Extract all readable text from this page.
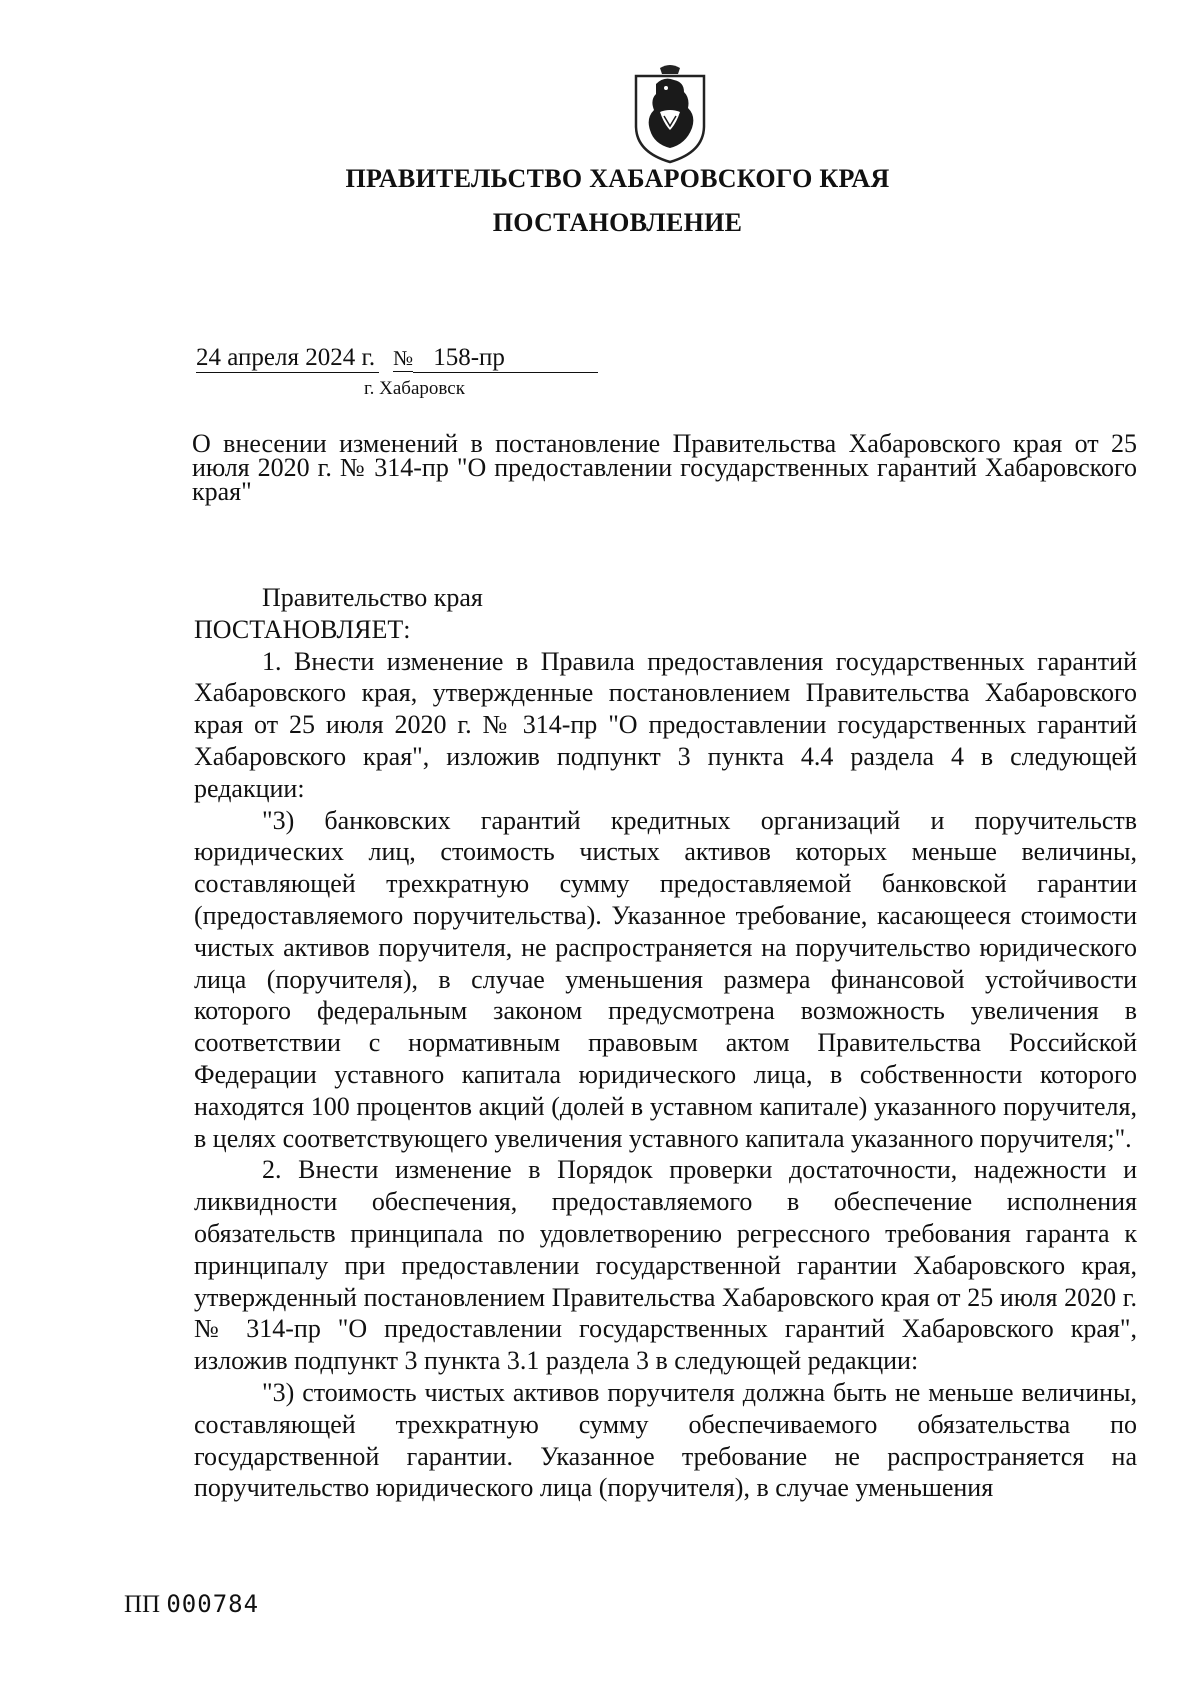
ПРАВИТЕЛЬСТВО ХАБАРОВСКОГО КРАЯ
ПОСТАНОВЛЕНИЕ
24 апреля 2024 г. № 158-пр
г. Хабаровск
О внесении изменений в постановление Правительства Хабаровского края от 25 июля 2020 г. № 314-пр "О предоставлении государственных гарантий Хабаровского края"

Правительство края

ПОСТАНОВЛЯЕТ:

1. Внести изменение в Правила предоставления государственных гарантий Хабаровского края, утвержденные постановлением Правительства Хабаровского края от 25 июля 2020 г. № 314-пр "О предоставлении государственных гарантий Хабаровского края", изложив подпункт 3 пункта 4.4 раздела 4 в следующей редакции:

"3) банковских гарантий кредитных организаций и поручительств юридических лиц, стоимость чистых активов которых меньше величины, составляющей трехкратную сумму предоставляемой банковской гарантии (предоставляемого поручительства). Указанное требование, касающееся стоимости чистых активов поручителя, не распространяется на поручительство юридического лица (поручителя), в случае уменьшения размера финансовой устойчивости которого федеральным законом предусмотрена возможность увеличения в соответствии с нормативным правовым актом Правительства Российской Федерации уставного капитала юридического лица, в собственности которого находятся 100 процентов акций (долей в уставном капитале) указанного поручителя, в целях соответствующего увеличения уставного капитала указанного поручителя;".

2. Внести изменение в Порядок проверки достаточности, надежности и ликвидности обеспечения, предоставляемого в обеспечение исполнения обязательств принципала по удовлетворению регрессного требования гаранта к принципалу при предоставлении государственной гарантии Хабаровского края, утвержденный постановлением Правительства Хабаровского края от 25 июля 2020 г. № 314-пр "О предоставлении государственных гарантий Хабаровского края", изложив подпункт 3 пункта 3.1 раздела 3 в следующей редакции:

"3) стоимость чистых активов поручителя должна быть не меньше величины, составляющей трехкратную сумму обеспечиваемого обязательства по государственной гарантии. Указанное требование не распространяется на поручительство юридического лица (поручителя), в случае уменьшения

ПП 000784
